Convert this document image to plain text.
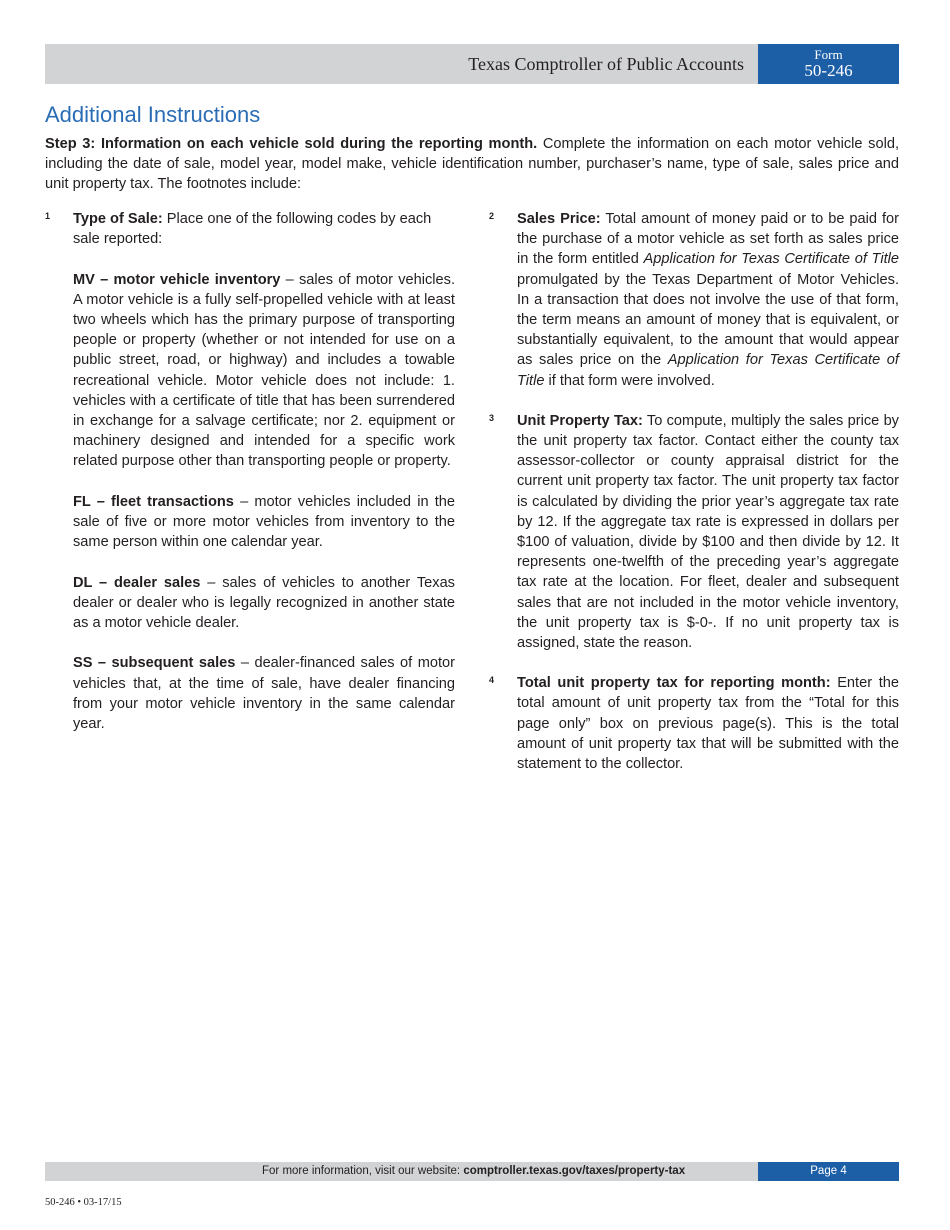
Texas Comptroller of Public Accounts	Form
50-246
Additional Instructions

Step 3: Information on each vehicle sold during the reporting month. Complete the information on each motor vehicle sold, including the date of sale, model year, model make, vehicle identification number, purchaser’s name, type of sale, sales price and unit property tax. The footnotes include:

1 Type of Sale: Place one of the following codes by each sale reported:

MV – motor vehicle inventory – sales of motor vehicles. A motor vehicle is a fully self-propelled vehicle with at least two wheels which has the primary purpose of transporting people or property (whether or not intended for use on a public street, road, or highway) and includes a towable recreational vehicle. Motor vehicle does not include: 1. vehicles with a certificate of title that has been surrendered in exchange for a salvage certificate; nor 2. equipment or machinery designed and intended for a specific work related purpose other than transporting people or property.

FL – fleet transactions – motor vehicles included in the sale of five or more motor vehicles from inventory to the same person within one calendar year.

DL – dealer sales – sales of vehicles to another Texas dealer or dealer who is legally recognized in another state as a motor vehicle dealer.

SS – subsequent sales – dealer-financed sales of motor vehicles that, at the time of sale, have dealer financing from your motor vehicle inventory in the same calendar year.

2 Sales Price: Total amount of money paid or to be paid for the purchase of a motor vehicle as set forth as sales price in the form entitled Application for Texas Certificate of Title promulgated by the Texas Department of Motor Vehicles. In a transaction that does not involve the use of that form, the term means an amount of money that is equivalent, or substantially equivalent, to the amount that would appear as sales price on the Application for Texas Certificate of Title if that form were involved.

3 Unit Property Tax: To compute, multiply the sales price by the unit property tax factor. Contact either the county tax assessor-collector or county appraisal district for the current unit property tax factor. The unit property tax factor is calculated by dividing the prior year’s aggregate tax rate by 12. If the aggregate tax rate is expressed in dollars per $100 of valuation, divide by $100 and then divide by 12. It represents one-twelfth of the preceding year’s aggregate tax rate at the location. For fleet, dealer and subsequent sales that are not included in the motor vehicle inventory, the unit property tax is $-0-. If no unit property tax is assigned, state the reason.

4 Total unit property tax for reporting month: Enter the total amount of unit property tax from the “Total for this page only” box on previous page(s). This is the total amount of unit property tax that will be submitted with the statement to the collector.

For more information, visit our website: comptroller.texas.gov/taxes/property-tax	Page 4
50-246 • 03-17/15
